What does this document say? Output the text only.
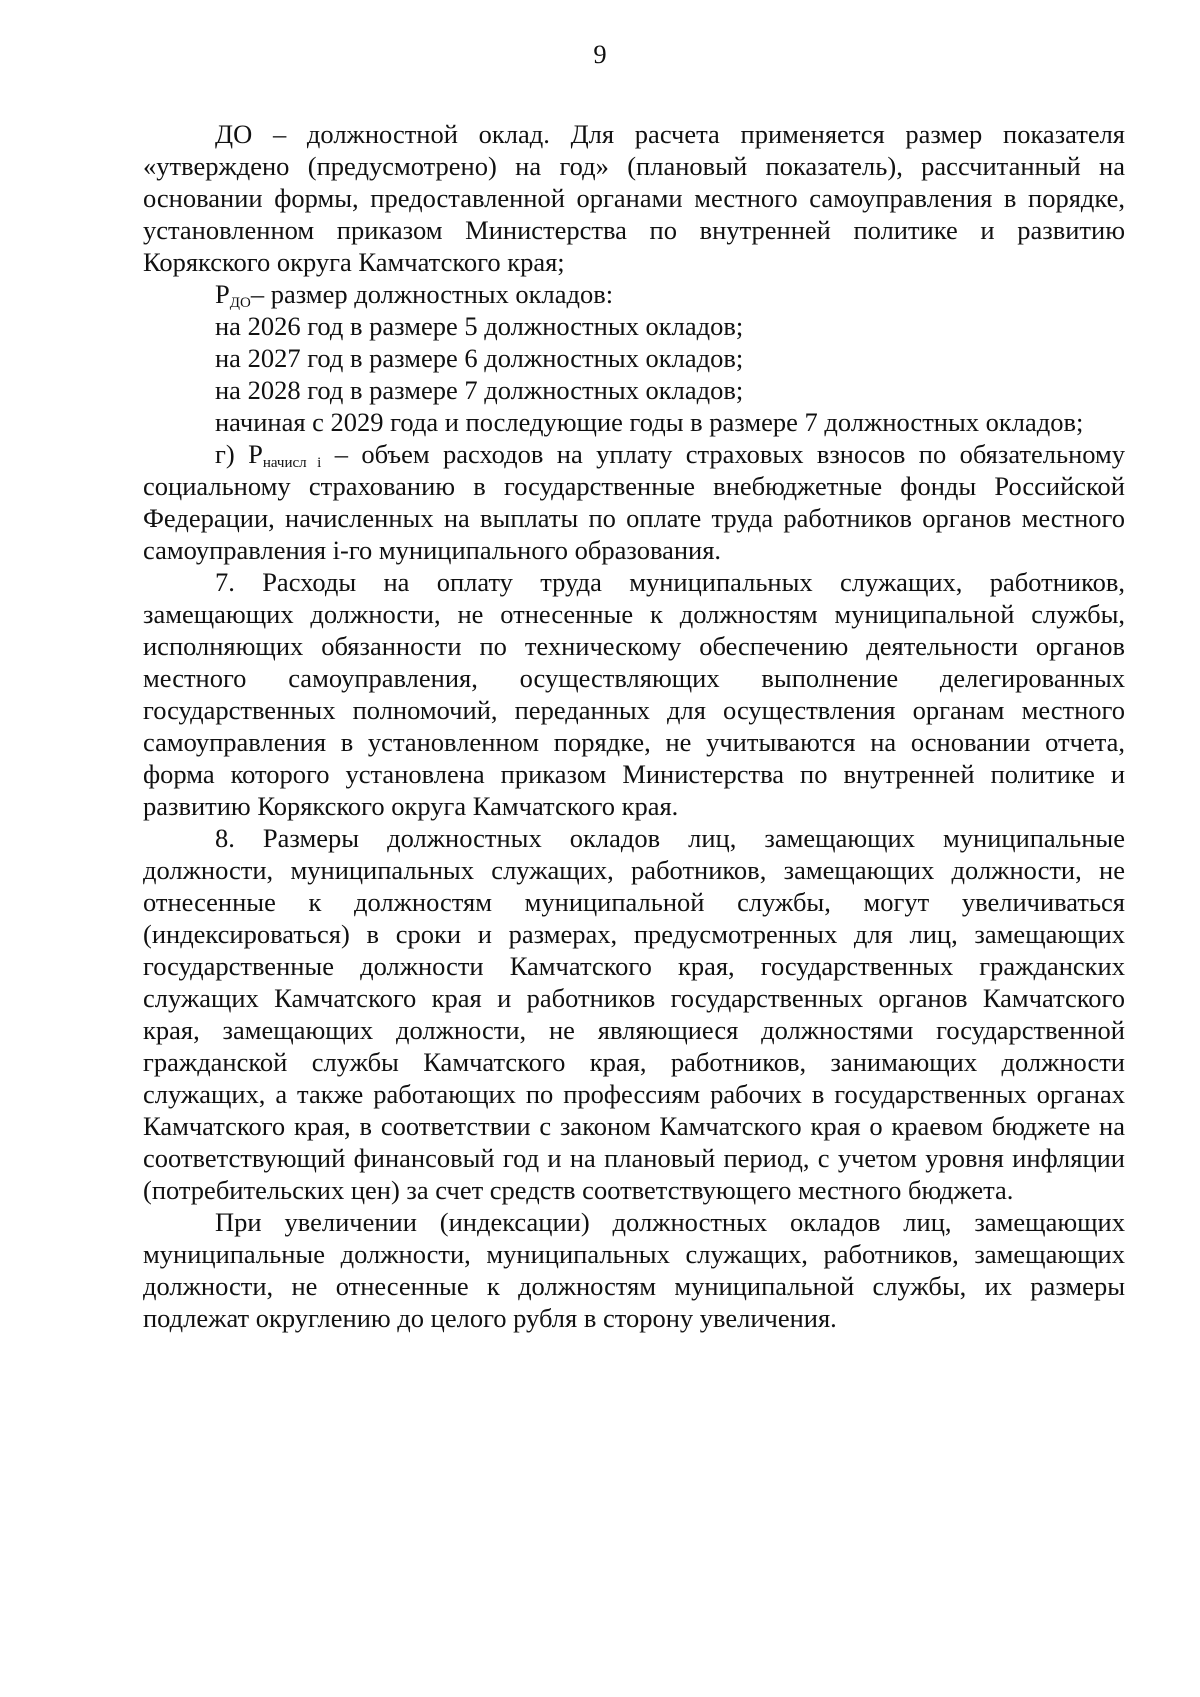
9

ДО – должностной оклад. Для расчета применяется размер показателя «утверждено (предусмотрено) на год» (плановый показатель), рассчитанный на основании формы, предоставленной органами местного самоуправления в порядке, установленном приказом Министерства по внутренней политике и развитию Корякского округа Камчатского края;

$Р_{ДО}-$ размер должностных окладов:

на 2026 год в размере 5 должностных окладов;

на 2027 год в размере 6 должностных окладов;

на 2028 год в размере 7 должностных окладов;

начиная с 2029 года и последующие годы в размере 7 должностных окладов;

г) $Р_{начисл i}$ – объем расходов на уплату страховых взносов по обязательному социальному страхованию в государственные внебюджетные фонды Российской Федерации, начисленных на выплаты по оплате труда работников органов местного самоуправления i-го муниципального образования.

7. Расходы на оплату труда муниципальных служащих, работников, замещающих должности, не отнесенные к должностям муниципальной службы, исполняющих обязанности по техническому обеспечению деятельности органов местного самоуправления, осуществляющих выполнение делегированных государственных полномочий, переданных для осуществления органам местного самоуправления в установленном порядке, не учитываются на основании отчета, форма которого установлена приказом Министерства по внутренней политике и развитию Корякского округа Камчатского края.

8. Размеры должностных окладов лиц, замещающих муниципальные должности, муниципальных служащих, работников, замещающих должности, не отнесенные к должностям муниципальной службы, могут увеличиваться (индексироваться) в сроки и размерах, предусмотренных для лиц, замещающих государственные должности Камчатского края, государственных гражданских служащих Камчатского края и работников государственных органов Камчатского края, замещающих должности, не являющиеся должностями государственной гражданской службы Камчатского края, работников, занимающих должности служащих, а также работающих по профессиям рабочих в государственных органах Камчатского края, в соответствии с законом Камчатского края о краевом бюджете на соответствующий финансовый год и на плановый период, с учетом уровня инфляции (потребительских цен) за счет средств соответствующего местного бюджета.

При увеличении (индексации) должностных окладов лиц, замещающих муниципальные должности, муниципальных служащих, работников, замещающих должности, не отнесенные к должностям муниципальной службы, их размеры подлежат округлению до целого рубля в сторону увеличения.
